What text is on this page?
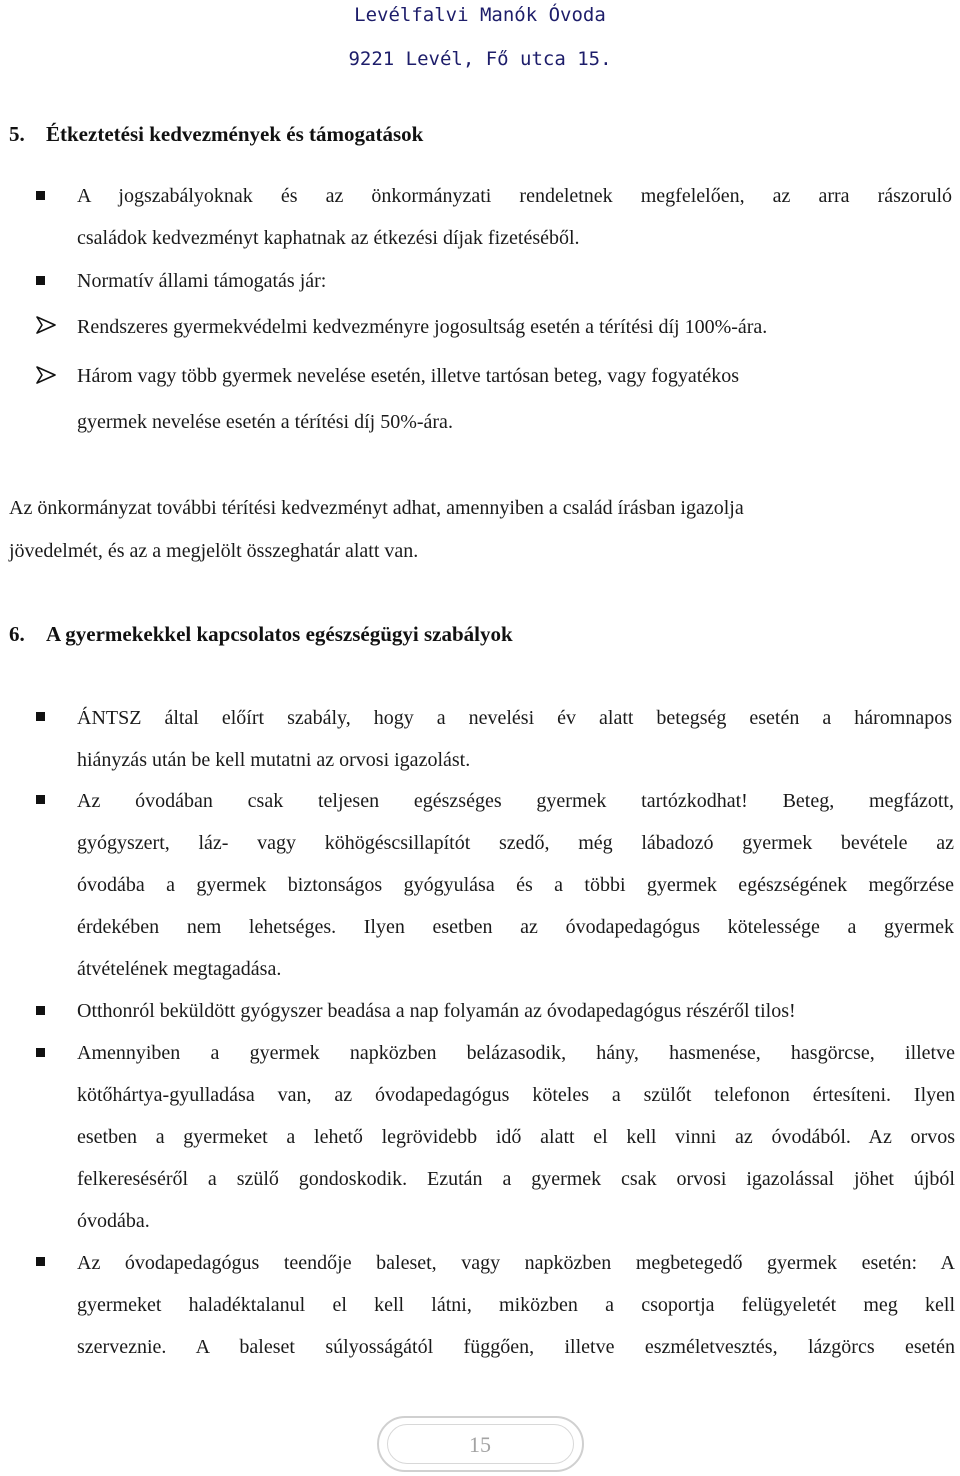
Levélfalvi Manók Óvoda
9221 Levél, Fő utca 15.
5. Étkeztetési kedvezmények és támogatások
A jogszabályoknak és az önkormányzati rendeletnek megfelelően, az arra rászoruló
családok kedvezményt kaphatnak az étkezési díjak fizetéséből.
Normatív állami támogatás jár:
Rendszeres gyermekvédelmi kedvezményre jogosultság esetén a térítési díj 100%-ára.
Három vagy több gyermek nevelése esetén, illetve tartósan beteg, vagy fogyatékos
gyermek nevelése esetén a térítési díj 50%-ára.
Az önkormányzat további térítési kedvezményt adhat, amennyiben a család írásban igazolja
jövedelmét, és az a megjelölt összeghatár alatt van.
6. A gyermekekkel kapcsolatos egészségügyi szabályok
ÁNTSZ által előírt szabály, hogy a nevelési év alatt betegség esetén a háromnapos
hiányzás után be kell mutatni az orvosi igazolást.
Az óvodában csak teljesen egészséges gyermek tartózkodhat! Beteg, megfázott,
gyógyszert, láz- vagy köhögéscsillapítót szedő, még lábadozó gyermek bevétele az
óvodába a gyermek biztonságos gyógyulása és a többi gyermek egészségének megőrzése
érdekében nem lehetséges. Ilyen esetben az óvodapedagógus kötelessége a gyermek
átvételének megtagadása.
Otthonról beküldött gyógyszer beadása a nap folyamán az óvodapedagógus részéről tilos!
Amennyiben a gyermek napközben belázasodik, hány, hasmenése, hasgörcse, illetve
kötőhártya-gyulladása van, az óvodapedagógus köteles a szülőt telefonon értesíteni. Ilyen
esetben a gyermeket a lehető legrövidebb idő alatt el kell vinni az óvodából. Az orvos
felkereséséről a szülő gondoskodik. Ezután a gyermek csak orvosi igazolással jöhet újból
óvodába.
Az óvodapedagógus teendője baleset, vagy napközben megbetegedő gyermek esetén: A
gyermeket haladéktalanul el kell látni, miközben a csoportja felügyeletét meg kell
szerveznie. A baleset súlyosságától függően, illetve eszméletvesztés, lázgörcs esetén
15
